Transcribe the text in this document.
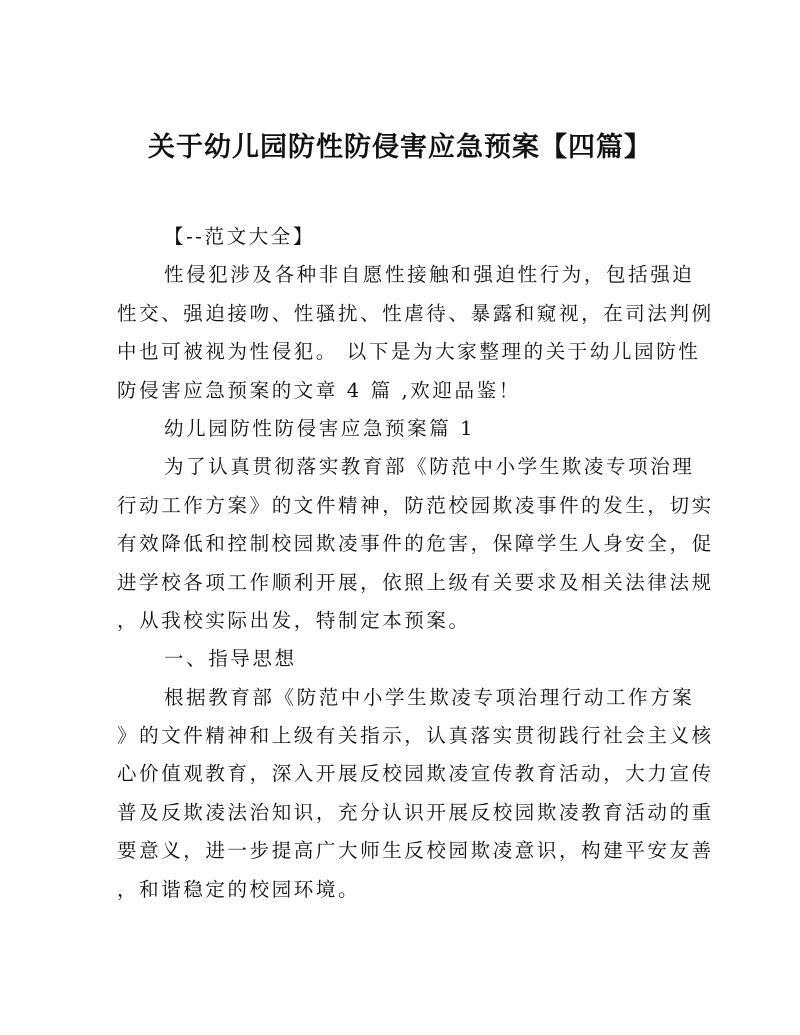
关于幼儿园防性防侵害应急预案【四篇】
【--范文大全】
性侵犯涉及各种非自愿性接触和强迫性行为，包括强迫
性交、强迫接吻、性骚扰、性虐待、暴露和窥视，在司法判例
中也可被视为性侵犯。 以下是为大家整理的关于幼儿园防性
防侵害应急预案的文章 4 篇 ,欢迎品鉴！
幼儿园防性防侵害应急预案篇 1
为了认真贯彻落实教育部《防范中小学生欺凌专项治理
行动工作方案》的文件精神，防范校园欺凌事件的发生，切实
有效降低和控制校园欺凌事件的危害，保障学生人身安全，促
进学校各项工作顺利开展，依照上级有关要求及相关法律法规
，从我校实际出发，特制定本预案。
一、指导思想
根据教育部《防范中小学生欺凌专项治理行动工作方案
》的文件精神和上级有关指示，认真落实贯彻践行社会主义核
心价值观教育，深入开展反校园欺凌宣传教育活动，大力宣传
普及反欺凌法治知识，充分认识开展反校园欺凌教育活动的重
要意义，进一步提高广大师生反校园欺凌意识，构建平安友善
，和谐稳定的校园环境。
